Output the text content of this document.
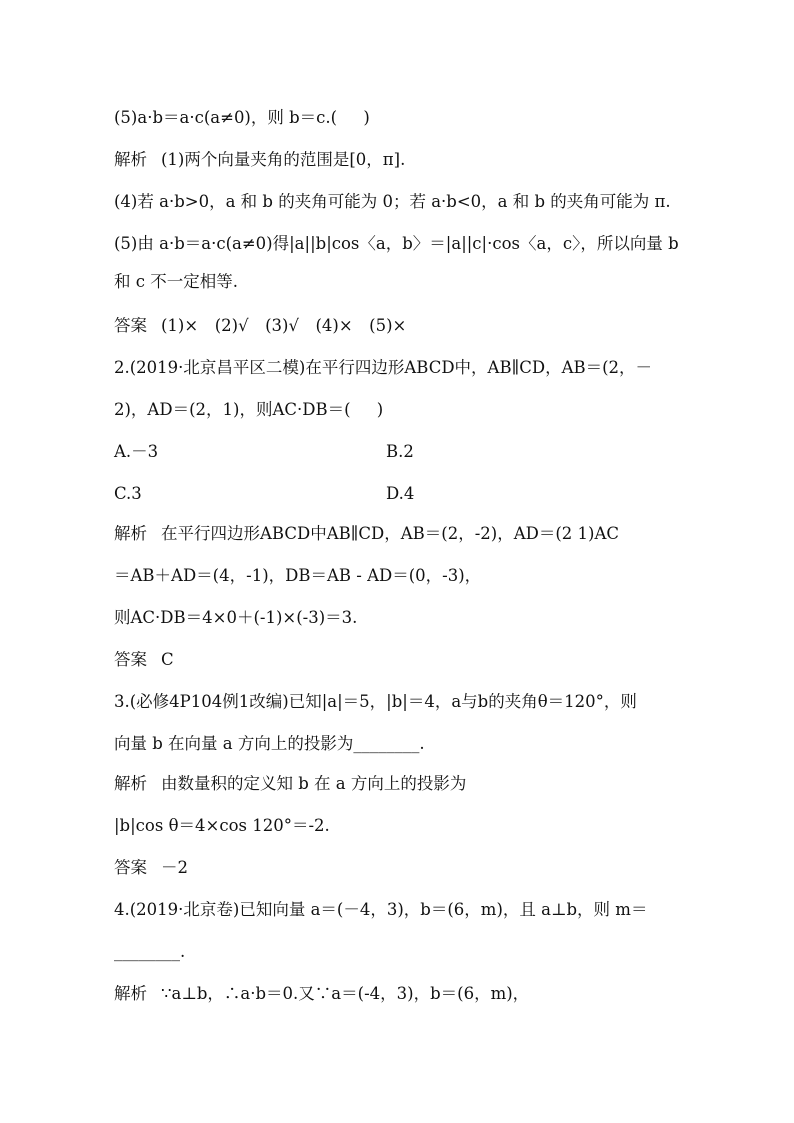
(5)a·b＝a·c(a≠0)，则 b＝c.(     )
解析 (1)两个向量夹角的范围是[0，π].
(4)若 a·b>0，a 和 b 的夹角可能为 0；若 a·b<0，a 和 b 的夹角可能为 π.
(5)由 a·b＝a·c(a≠0)得|a||b|cos〈a，b〉＝|a||c|·cos〈a，c〉，所以向量 b
和 c 不一定相等.
答案 (1)×　(2)√　(3)√　(4)×　(5)×
2.(2019·北京昌平区二模)在平行四边形ABCD中，AB∥CD，AB＝(2，－
2)，AD＝(2，1)，则AC·DB＝(     )
A.－3	B.2
C.3	D.4
解析 在平行四边形ABCD中AB∥CD，AB＝(2，-2)，AD＝(2 1)AC
＝AB＋AD＝(4，-1)，DB＝AB - AD＝(0，-3)，
则AC·DB＝4×0＋(-1)×(-3)＝3.
答案 C
3.(必修4P104例1改编)已知|a|＝5，|b|＝4，a与b的夹角θ＝120°，则
向量 b 在向量 a 方向上的投影为________.
解析 由数量积的定义知 b 在 a 方向上的投影为
|b|cos θ＝4×cos 120°＝-2.
答案 －2
4.(2019·北京卷)已知向量 a＝(－4，3)，b＝(6，m)，且 a⊥b，则 m＝
________.
解析 ∵a⊥b，∴a·b＝0.又∵a＝(-4，3)，b＝(6，m)，
